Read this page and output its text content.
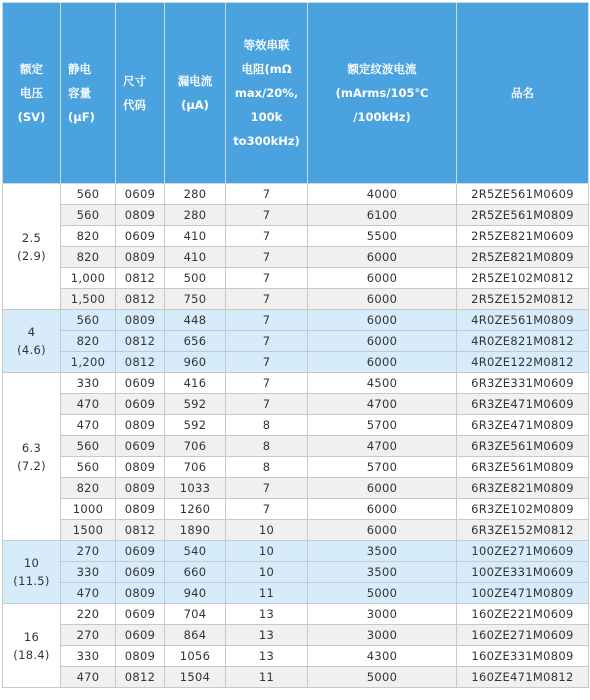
额定
电压
(SV)	静电
容量
(μF)	尺寸
代码	漏电流
(μA)	等效串联
电阻(mΩ
max/20%,
100k
to300kHz)	额定纹波电流
(mArms/105℃
/100kHz)	品名

2.5
(2.9)	560	0609	280	7	4000	2R5ZE561M0609
	560	0809	280	7	6100	2R5ZE561M0809
	820	0609	410	7	5500	2R5ZE821M0609
	820	0809	410	7	6000	2R5ZE821M0809
	1,000	0812	500	7	6000	2R5ZE102M0812
	1,500	0812	750	7	6000	2R5ZE152M0812

4
(4.6)	560	0809	448	7	6000	4R0ZE561M0809
	820	0812	656	7	6000	4R0ZE821M0812
	1,200	0812	960	7	6000	4R0ZE122M0812

6.3
(7.2)	330	0609	416	7	4500	6R3ZE331M0609
	470	0609	592	7	4700	6R3ZE471M0609
	470	0809	592	8	5700	6R3ZE471M0809
	560	0609	706	8	4700	6R3ZE561M0609
	560	0809	706	8	5700	6R3ZE561M0809
	820	0809	1033	7	6000	6R3ZE821M0809
	1000	0809	1260	7	6000	6R3ZE102M0809
	1500	0812	1890	10	6000	6R3ZE152M0812

10
(11.5)	270	0609	540	10	3500	100ZE271M0609
	330	0609	660	10	3500	100ZE331M0609
	470	0809	940	11	5000	100ZE471M0809

16
(18.4)	220	0609	704	13	3000	160ZE221M0609
	270	0609	864	13	3000	160ZE271M0609
	330	0809	1056	13	4300	160ZE331M0809
	470	0812	1504	11	5000	160ZE471M0812
